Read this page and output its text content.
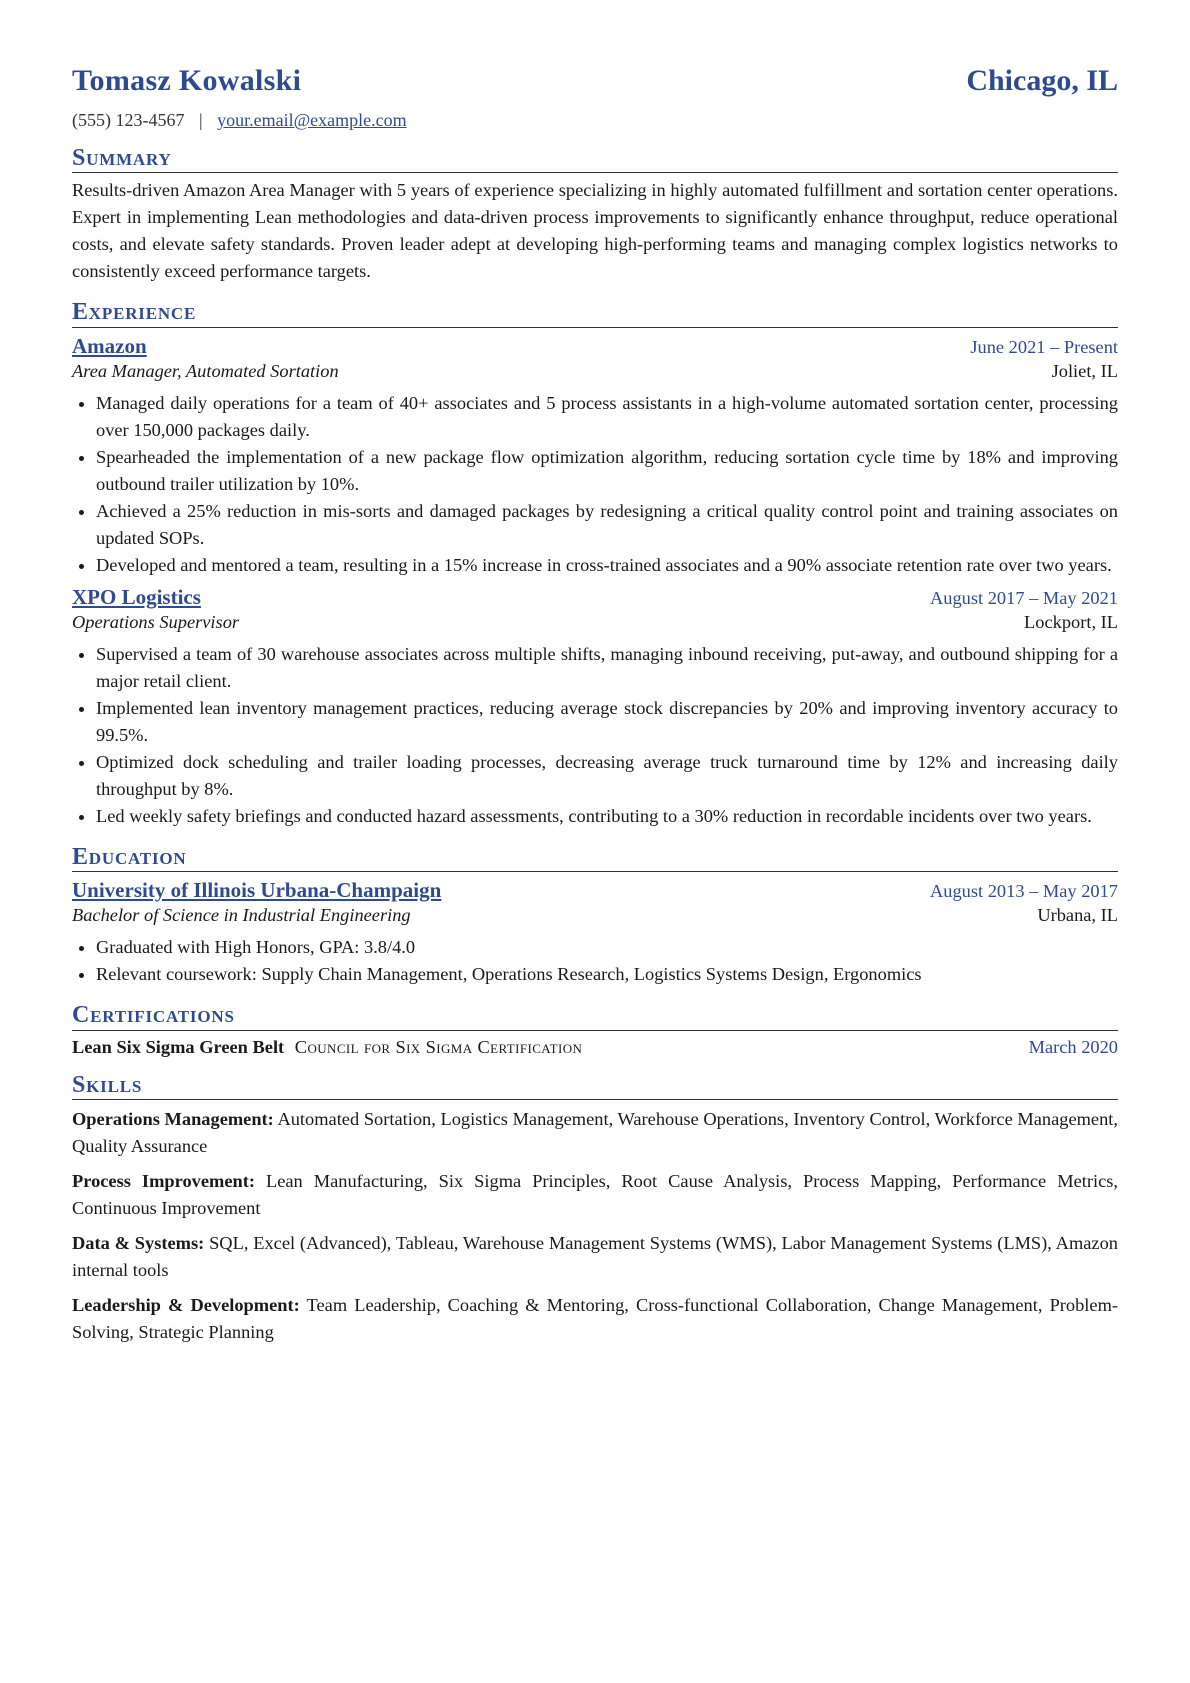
Tomasz Kowalski	Chicago, IL
(555) 123-4567 | your.email@example.com
Summary
Results-driven Amazon Area Manager with 5 years of experience specializing in highly automated fulfillment and sortation center operations. Expert in implementing Lean methodologies and data-driven process improvements to significantly enhance throughput, reduce operational costs, and elevate safety standards. Proven leader adept at developing high-performing teams and managing complex logistics networks to consistently exceed performance targets.
Experience
Amazon	June 2021 – Present
Area Manager, Automated Sortation	Joliet, IL
• Managed daily operations for a team of 40+ associates and 5 process assistants in a high-volume automated sortation center, processing over 150,000 packages daily.
• Spearheaded the implementation of a new package flow optimization algorithm, reducing sortation cycle time by 18% and improving outbound trailer utilization by 10%.
• Achieved a 25% reduction in mis-sorts and damaged packages by redesigning a critical quality control point and training associates on updated SOPs.
• Developed and mentored a team, resulting in a 15% increase in cross-trained associates and a 90% associate retention rate over two years.
XPO Logistics	August 2017 – May 2021
Operations Supervisor	Lockport, IL
• Supervised a team of 30 warehouse associates across multiple shifts, managing inbound receiving, put-away, and outbound shipping for a major retail client.
• Implemented lean inventory management practices, reducing average stock discrepancies by 20% and improving inventory accuracy to 99.5%.
• Optimized dock scheduling and trailer loading processes, decreasing average truck turnaround time by 12% and increasing daily throughput by 8%.
• Led weekly safety briefings and conducted hazard assessments, contributing to a 30% reduction in recordable incidents over two years.
Education
University of Illinois Urbana-Champaign	August 2013 – May 2017
Bachelor of Science in Industrial Engineering	Urbana, IL
• Graduated with High Honors, GPA: 3.8/4.0
• Relevant coursework: Supply Chain Management, Operations Research, Logistics Systems Design, Ergonomics
Certifications
Lean Six Sigma Green Belt Council for Six Sigma Certification	March 2020
Skills
Operations Management: Automated Sortation, Logistics Management, Warehouse Operations, Inventory Control, Workforce Management, Quality Assurance
Process Improvement: Lean Manufacturing, Six Sigma Principles, Root Cause Analysis, Process Mapping, Performance Metrics, Continuous Improvement
Data & Systems: SQL, Excel (Advanced), Tableau, Warehouse Management Systems (WMS), Labor Management Systems (LMS), Amazon internal tools
Leadership & Development: Team Leadership, Coaching & Mentoring, Cross-functional Collaboration, Change Management, Problem-Solving, Strategic Planning
